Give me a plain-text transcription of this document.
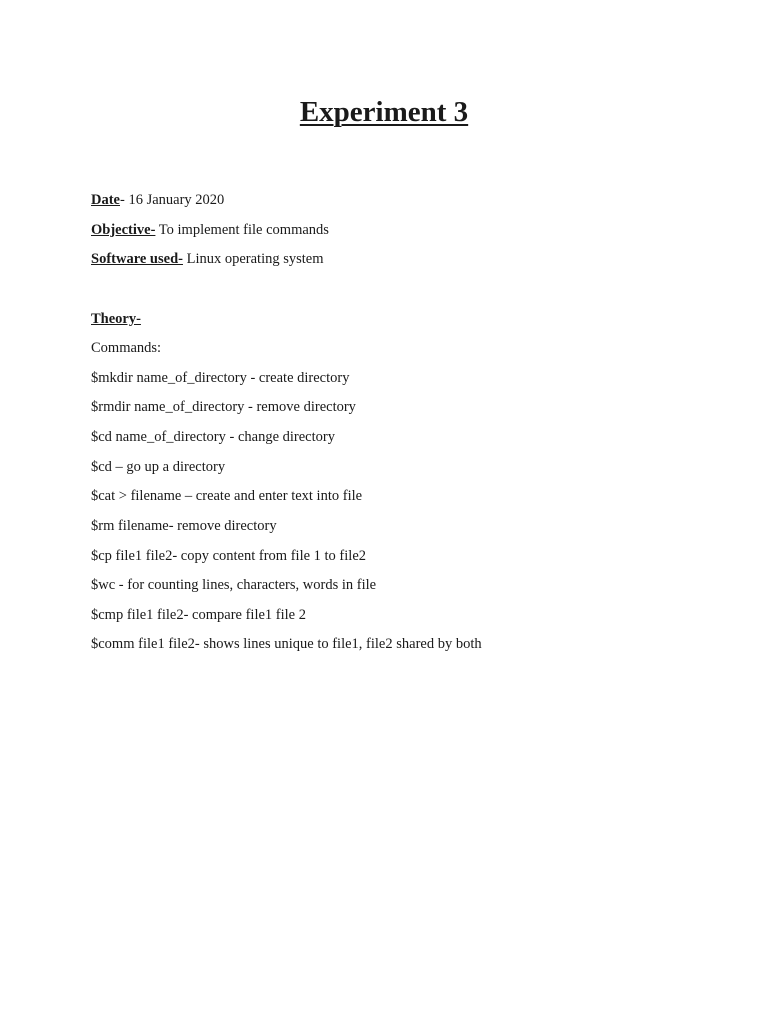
Experiment 3
Date- 16 January 2020
Objective- To implement file commands
Software used- Linux operating system
Theory-
Commands:
$mkdir name_of_directory - create directory
$rmdir name_of_directory - remove directory
$cd name_of_directory - change directory
$cd – go up a directory
$cat > filename – create and enter text into file
$rm filename- remove directory
$cp file1 file2- copy content from file 1 to file2
$wc - for counting lines, characters, words in file
$cmp file1 file2- compare file1 file 2
$comm file1 file2- shows lines unique to file1, file2 shared by both
